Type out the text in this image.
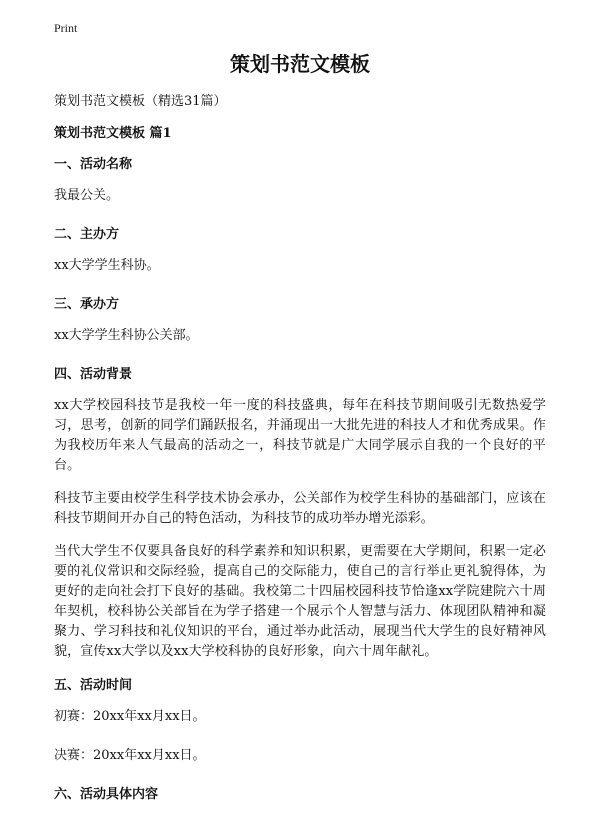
Print
策划书范文模板

策划书范文模板（精选31篇）

策划书范文模板 篇1
一、活动名称

我最公关。

二、主办方

xx大学学生科协。

三、承办方

xx大学学生科协公关部。

四、活动背景

xx大学校园科技节是我校一年一度的科技盛典，每年在科技节期间吸引无数热爱学习，思考，创新的同学们踊跃报名，并涌现出一大批先进的科技人才和优秀成果。作为我校历年来人气最高的活动之一，科技节就是广大同学展示自我的一个良好的平台。

科技节主要由校学生科学技术协会承办，公关部作为校学生科协的基础部门，应该在科技节期间开办自己的特色活动，为科技节的成功举办增光添彩。

当代大学生不仅要具备良好的科学素养和知识积累，更需要在大学期间，积累一定必要的礼仪常识和交际经验，提高自己的交际能力，使自己的言行举止更礼貌得体，为更好的走向社会打下良好的基础。我校第二十四届校园科技节恰逢xx学院建院六十周年契机，校科协公关部旨在为学子搭建一个展示个人智慧与活力、体现团队精神和凝聚力、学习科技和礼仪知识的平台，通过举办此活动，展现当代大学生的良好精神风貌，宣传xx大学以及xx大学校科协的良好形象，向六十周年献礼。

五、活动时间

初赛：20xx年xx月xx日。

决赛：20xx年xx月xx日。

六、活动具体内容
